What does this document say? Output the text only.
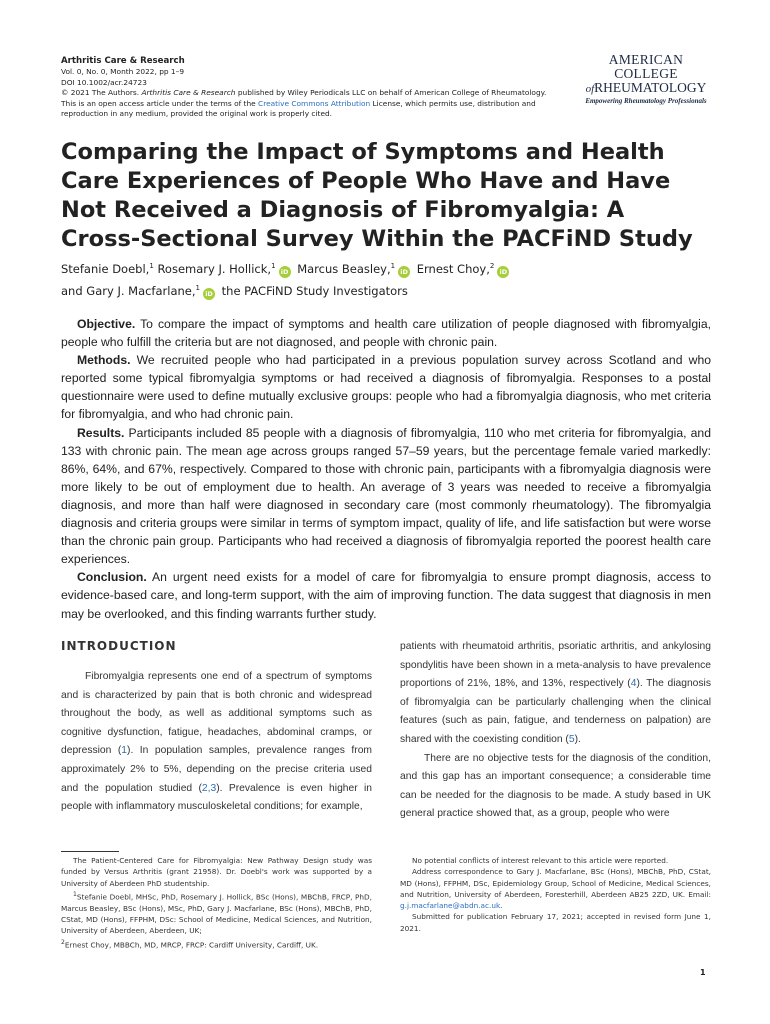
Arthritis Care & Research
Vol. 0, No. 0, Month 2022, pp 1–9
DOI 10.1002/acr.24723
© 2021 The Authors. Arthritis Care & Research published by Wiley Periodicals LLC on behalf of American College of Rheumatology.
This is an open access article under the terms of the Creative Commons Attribution License, which permits use, distribution and
reproduction in any medium, provided the original work is properly cited.
AMERICAN COLLEGE
ofRHEUMATOLOGY
Empowering Rheumatology Professionals
Comparing the Impact of Symptoms and Health Care Experiences of People Who Have and Have Not Received a Diagnosis of Fibromyalgia: A Cross-Sectional Survey Within the PACFiND Study
Stefanie Doebl,$^1$ Rosemary J. Hollick,$^1$iD Marcus Beasley,$^1$iD Ernest Choy,$^2$iD
and Gary J. Macfarlane,$^1$iD the PACFiND Study Investigators

Objective. To compare the impact of symptoms and health care utilization of people diagnosed with fibromyalgia, people who fulfill the criteria but are not diagnosed, and people with chronic pain.

Methods. We recruited people who had participated in a previous population survey across Scotland and who reported some typical fibromyalgia symptoms or had received a diagnosis of fibromyalgia. Responses to a postal questionnaire were used to define mutually exclusive groups: people who had a fibromyalgia diagnosis, who met criteria for fibromyalgia, and who had chronic pain.

Results. Participants included 85 people with a diagnosis of fibromyalgia, 110 who met criteria for fibromyalgia, and 133 with chronic pain. The mean age across groups ranged 57–59 years, but the percentage female varied markedly: 86%, 64%, and 67%, respectively. Compared to those with chronic pain, participants with a fibromyalgia diagnosis were more likely to be out of employment due to health. An average of 3 years was needed to receive a fibromyalgia diagnosis, and more than half were diagnosed in secondary care (most commonly rheumatology). The fibromyalgia diagnosis and criteria groups were similar in terms of symptom impact, quality of life, and life satisfaction but were worse than the chronic pain group. Participants who had received a diagnosis of fibromyalgia reported the poorest health care experiences.

Conclusion. An urgent need exists for a model of care for fibromyalgia to ensure prompt diagnosis, access to evidence-based care, and long-term support, with the aim of improving function. The data suggest that diagnosis in men may be overlooked, and this finding warrants further study.

INTRODUCTION

Fibromyalgia represents one end of a spectrum of symptoms and is characterized by pain that is both chronic and widespread throughout the body, as well as additional symptoms such as cognitive dysfunction, fatigue, headaches, abdominal cramps, or depression (1). In population samples, prevalence ranges from approximately 2% to 5%, depending on the precise criteria used and the population studied (2,3). Prevalence is even higher in people with inflammatory musculoskeletal conditions; for example,

patients with rheumatoid arthritis, psoriatic arthritis, and ankylosing spondylitis have been shown in a meta-analysis to have prevalence proportions of 21%, 18%, and 13%, respectively (4). The diagnosis of fibromyalgia can be particularly challenging when the clinical features (such as pain, fatigue, and tenderness on palpation) are shared with the coexisting condition (5).

There are no objective tests for the diagnosis of the condition, and this gap has an important consequence; a considerable time can be needed for the diagnosis to be made. A study based in UK general practice showed that, as a group, people who were

The Patient-Centered Care for Fibromyalgia: New Pathway Design study was funded by Versus Arthritis (grant 21958). Dr. Doebl's work was supported by a University of Aberdeen PhD studentship.

$^1$Stefanie Doebl, MHSc, PhD, Rosemary J. Hollick, BSc (Hons), MBChB, FRCP, PhD, Marcus Beasley, BSc (Hons), MSc, PhD, Gary J. Macfarlane, BSc (Hons), MBChB, PhD, CStat, MD (Hons), FFPHM, DSc: School of Medicine, Medical Sciences, and Nutrition, University of Aberdeen, Aberdeen, UK;

$^2$Ernest Choy, MBBCh, MD, MRCP, FRCP: Cardiff University, Cardiff, UK.

No potential conflicts of interest relevant to this article were reported.

Address correspondence to Gary J. Macfarlane, BSc (Hons), MBChB, PhD, CStat, MD (Hons), FFPHM, DSc, Epidemiology Group, School of Medicine, Medical Sciences, and Nutrition, University of Aberdeen, Foresterhill, Aberdeen AB25 2ZD, UK. Email: g.j.macfarlane@abdn.ac.uk.

Submitted for publication February 17, 2021; accepted in revised form June 1, 2021.

1
